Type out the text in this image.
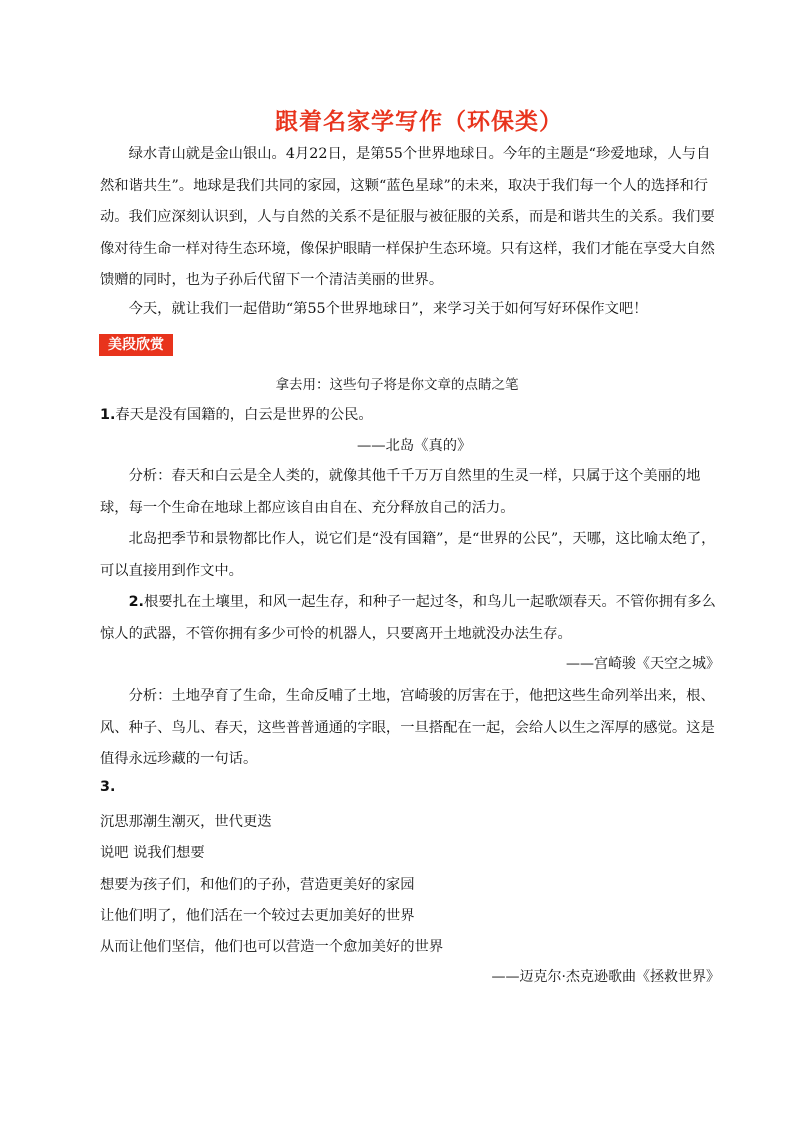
跟着名家学写作（环保类）
绿水青山就是金山银山。4月22日，是第55个世界地球日。今年的主题是“珍爱地球，人与自然和谐共生”。地球是我们共同的家园，这颗“蓝色星球”的未来，取决于我们每一个人的选择和行动。我们应深刻认识到，人与自然的关系不是征服与被征服的关系，而是和谐共生的关系。我们要像对待生命一样对待生态环境，像保护眼睛一样保护生态环境。只有这样，我们才能在享受大自然馈赠的同时，也为子孙后代留下一个清洁美丽的世界。
今天，就让我们一起借助“第55个世界地球日”，来学习关于如何写好环保作文吧！
美段欣赏
拿去用：这些句子将是你文章的点睛之笔
1.春天是没有国籍的，白云是世界的公民。
——北岛《真的》
分析：春天和白云是全人类的，就像其他千千万万自然里的生灵一样，只属于这个美丽的地球，每一个生命在地球上都应该自由自在、充分释放自己的活力。
北岛把季节和景物都比作人，说它们是“没有国籍”，是“世界的公民”，天哪，这比喻太绝了，可以直接用到作文中。
2.根要扎在土壤里，和风一起生存，和种子一起过冬，和鸟儿一起歌颂春天。不管你拥有多么惊人的武器，不管你拥有多少可怜的机器人，只要离开土地就没办法生存。
——宫崎骏《天空之城》
分析：土地孕育了生命，生命反哺了土地，宫崎骏的厉害在于，他把这些生命列举出来，根、风、种子、鸟儿、春天，这些普普通通的字眼，一旦搭配在一起，会给人以生之浑厚的感觉。这是值得永远珍藏的一句话。
3.
沉思那潮生潮灭，世代更迭
说吧 说我们想要
想要为孩子们，和他们的子孙，营造更美好的家园
让他们明了，他们活在一个较过去更加美好的世界
从而让他们坚信，他们也可以营造一个愈加美好的世界
——迈克尔·杰克逊歌曲《拯救世界》
